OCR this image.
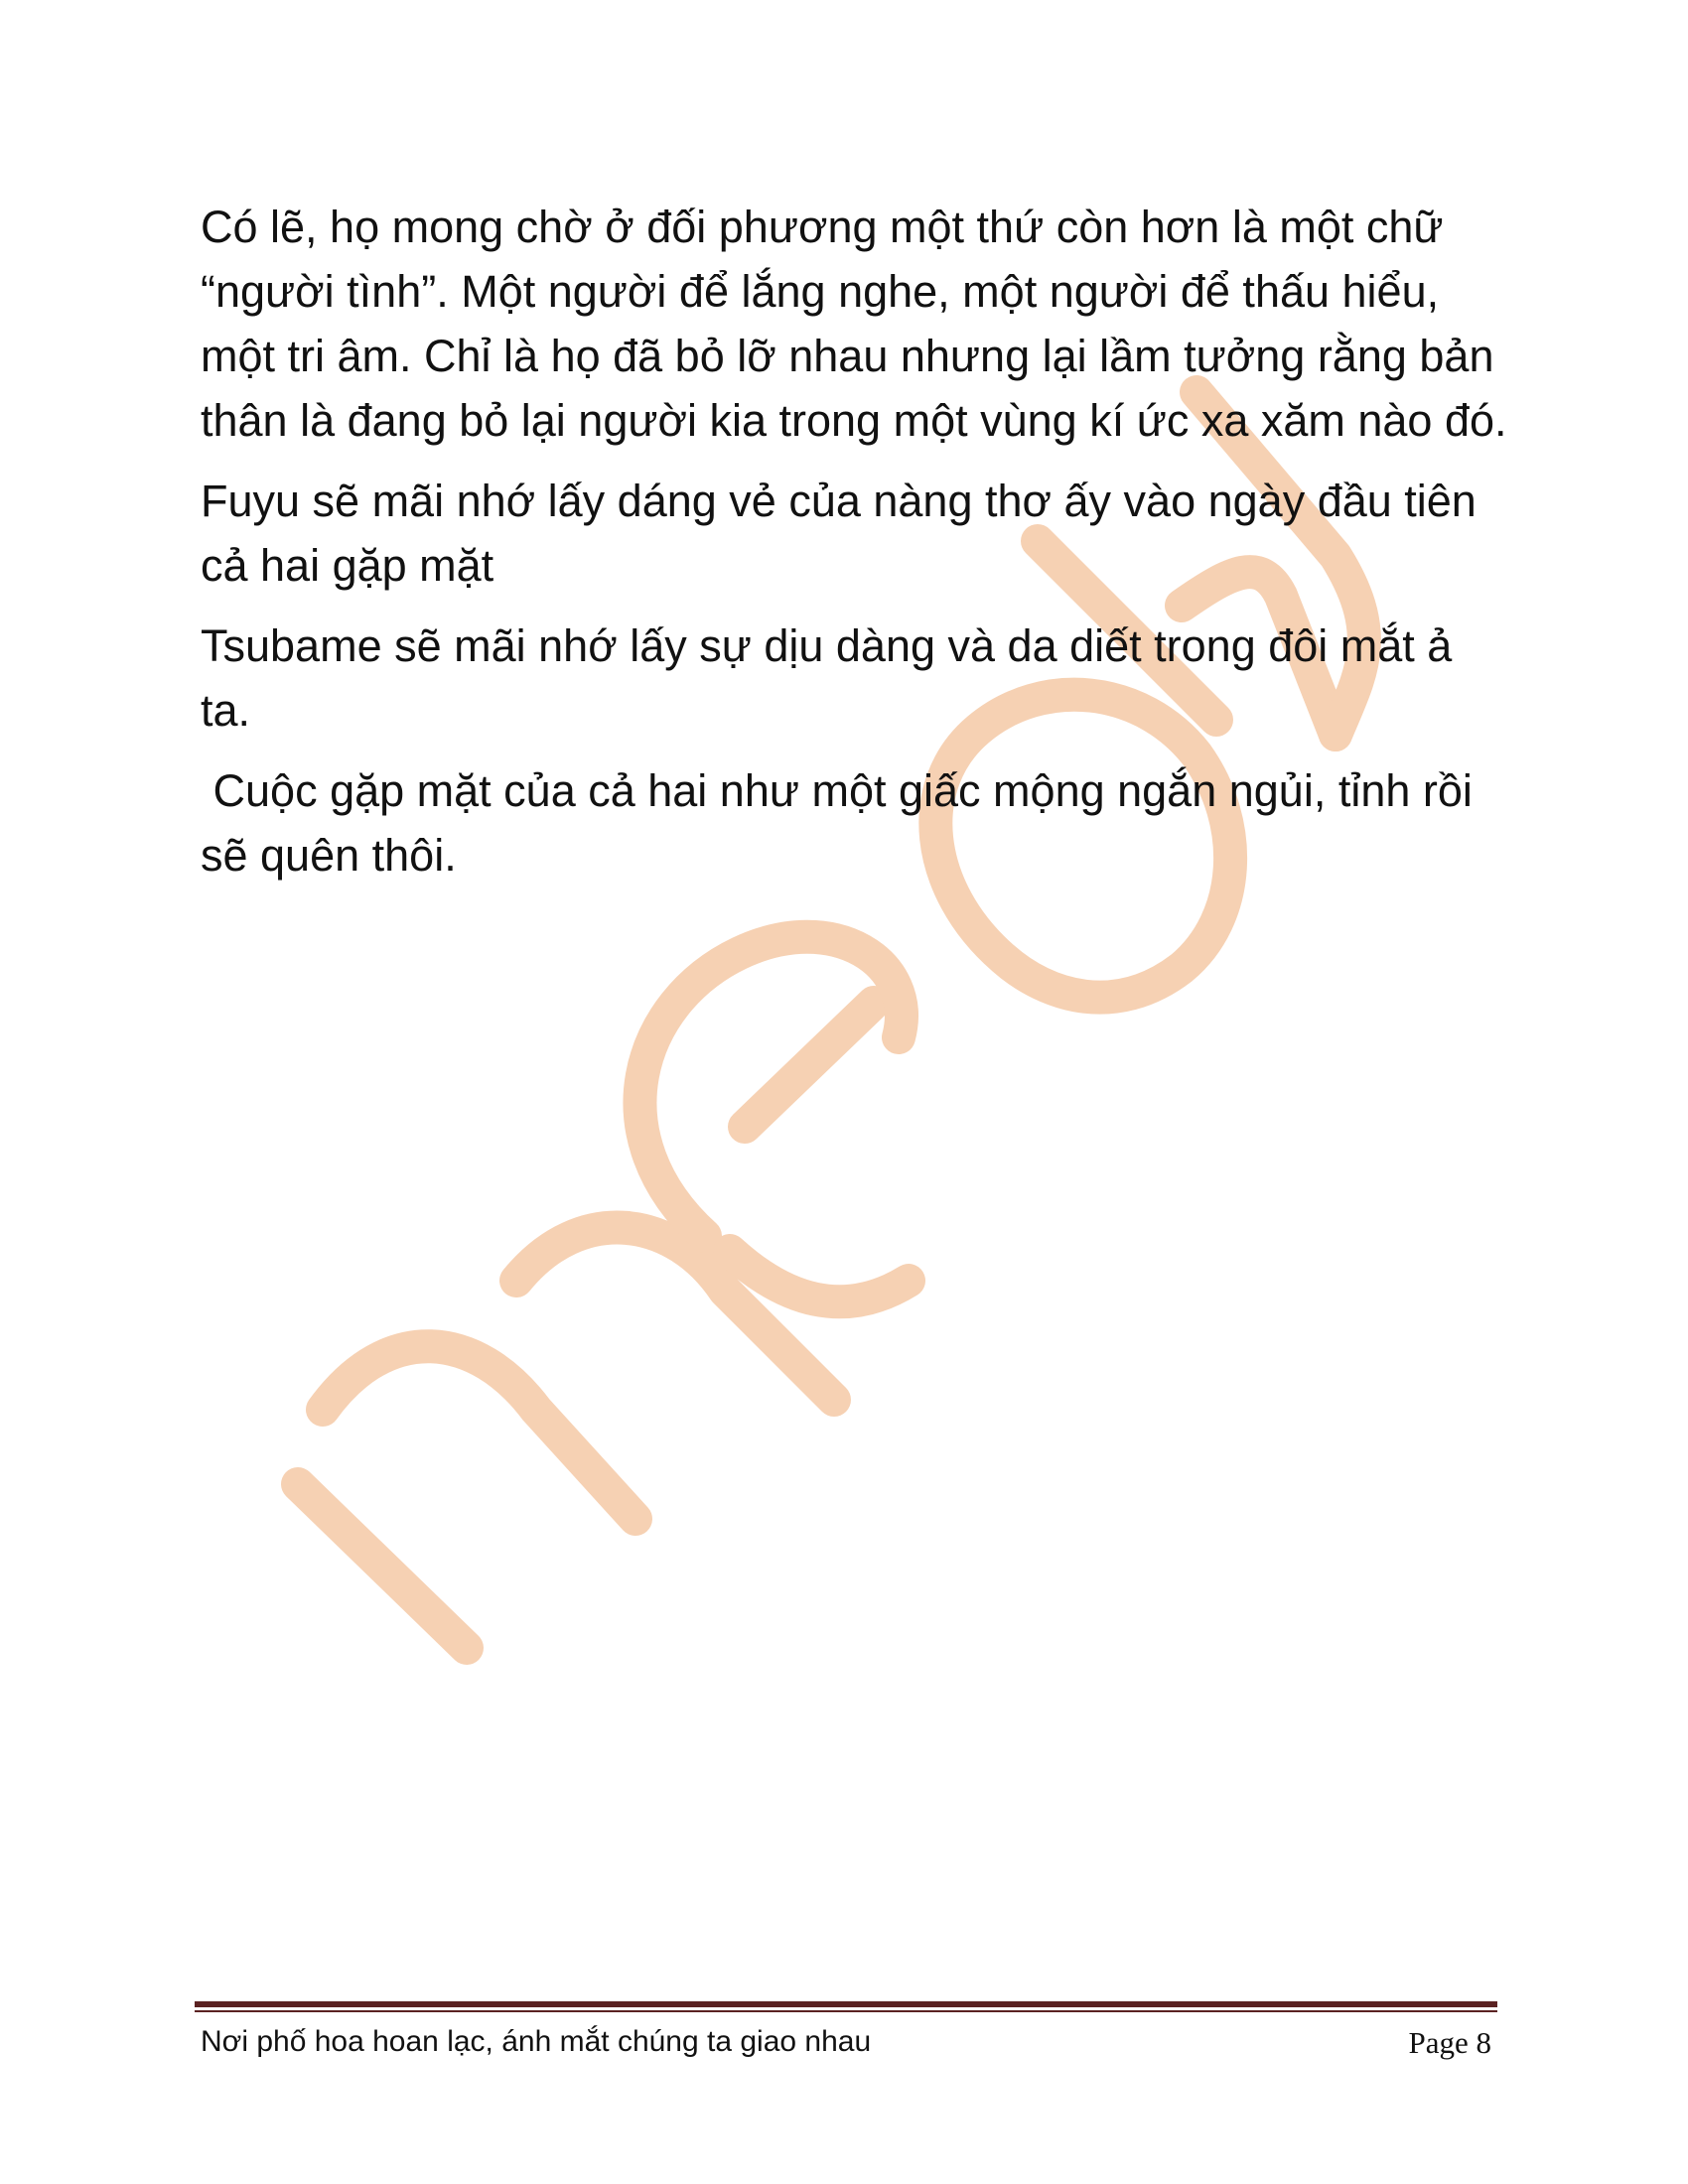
Có lẽ, họ mong chờ ở đối phương một thứ còn hơn là một chữ “người tình”. Một người để lắng nghe, một người để thấu hiểu, một tri âm. Chỉ là họ đã bỏ lỡ nhau nhưng lại lầm tưởng rằng bản thân là đang bỏ lại người kia trong một vùng kí ức xa xăm nào đó.

Fuyu sẽ mãi nhớ lấy dáng vẻ của nàng thơ ấy vào ngày đầu tiên cả hai gặp mặt

Tsubame sẽ mãi nhớ lấy sự dịu dàng và da diết trong đôi mắt ả ta.

Cuộc gặp mặt của cả hai như một giấc mộng ngắn ngủi, tỉnh rồi sẽ quên thôi.

Nơi phố hoa hoan lạc, ánh mắt chúng ta giao nhau	Page 8
